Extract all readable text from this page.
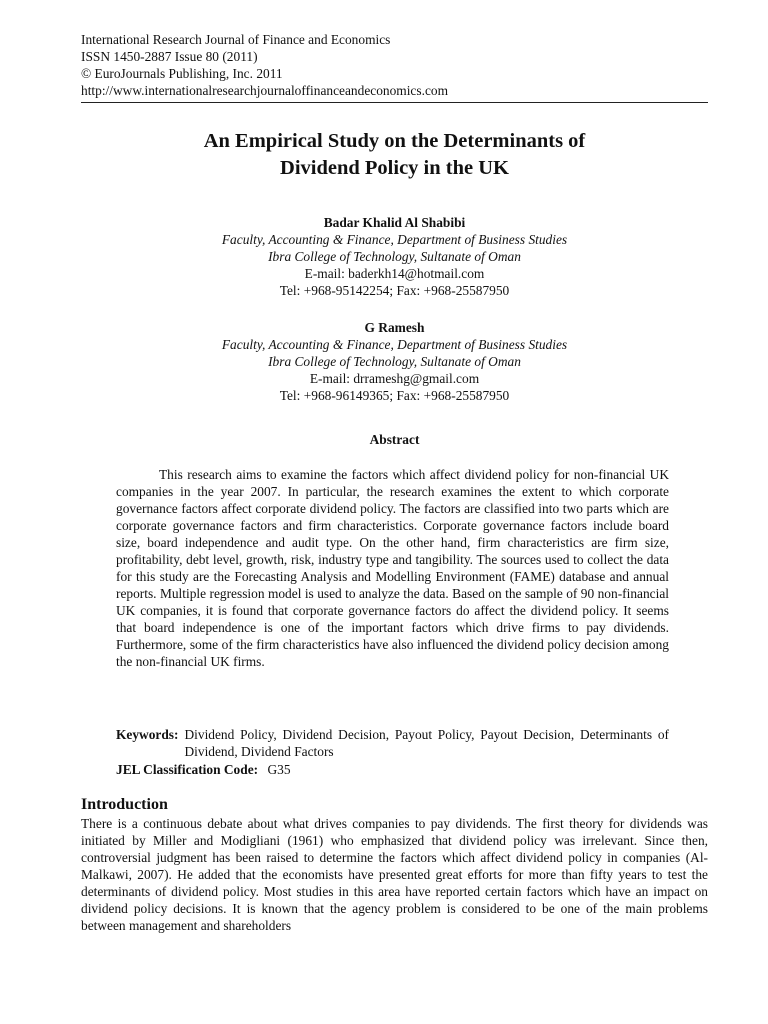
International Research Journal of Finance and Economics
ISSN 1450-2887 Issue 80 (2011)
© EuroJournals Publishing, Inc. 2011
http://www.internationalresearchjournaloffinanceandeconomics.com
An Empirical Study on the Determinants of
Dividend Policy in the UK
Badar Khalid Al Shabibi
Faculty, Accounting & Finance, Department of Business Studies
Ibra College of Technology, Sultanate of Oman
E-mail: baderkh14@hotmail.com
Tel: +968-95142254; Fax: +968-25587950
G Ramesh
Faculty, Accounting & Finance, Department of Business Studies
Ibra College of Technology, Sultanate of Oman
E-mail: drrameshg@gmail.com
Tel: +968-96149365; Fax: +968-25587950
Abstract

This research aims to examine the factors which affect dividend policy for non-financial UK companies in the year 2007. In particular, the research examines the extent to which corporate governance factors affect corporate dividend policy. The factors are classified into two parts which are corporate governance factors and firm characteristics. Corporate governance factors include board size, board independence and audit type. On the other hand, firm characteristics are firm size, profitability, debt level, growth, risk, industry type and tangibility. The sources used to collect the data for this study are the Forecasting Analysis and Modelling Environment (FAME) database and annual reports. Multiple regression model is used to analyze the data. Based on the sample of 90 non-financial UK companies, it is found that corporate governance factors do affect the dividend policy. It seems that board independence is one of the important factors which drive firms to pay dividends. Furthermore, some of the firm characteristics have also influenced the dividend policy decision among the non-financial UK firms.

Keywords: Dividend Policy, Dividend Decision, Payout Policy, Payout Decision, Determinants of Dividend, Dividend Factors
JEL Classification Code: G35
Introduction

There is a continuous debate about what drives companies to pay dividends. The first theory for dividends was initiated by Miller and Modigliani (1961) who emphasized that dividend policy was irrelevant. Since then, controversial judgment has been raised to determine the factors which affect dividend policy in companies (Al-Malkawi, 2007). He added that the economists have presented great efforts for more than fifty years to test the determinants of dividend policy. Most studies in this area have reported certain factors which have an impact on dividend policy decisions. It is known that the agency problem is considered to be one of the main problems between management and shareholders
